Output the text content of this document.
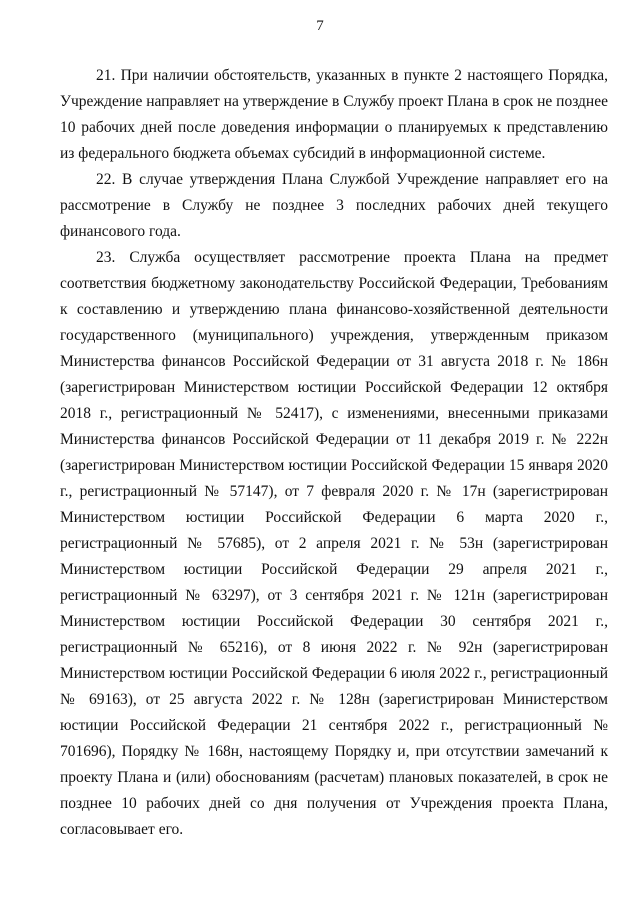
7

21. При наличии обстоятельств, указанных в пункте 2 настоящего Порядка, Учреждение направляет на утверждение в Службу проект Плана в срок не позднее 10 рабочих дней после доведения информации о планируемых к представлению из федерального бюджета объемах субсидий в информационной системе.

22. В случае утверждения Плана Службой Учреждение направляет его на рассмотрение в Службу не позднее 3 последних рабочих дней текущего финансового года.

23. Служба осуществляет рассмотрение проекта Плана на предмет соответствия бюджетному законодательству Российской Федерации, Требованиям к составлению и утверждению плана финансово-хозяйственной деятельности государственного (муниципального) учреждения, утвержденным приказом Министерства финансов Российской Федерации от 31 августа 2018 г. № 186н (зарегистрирован Министерством юстиции Российской Федерации 12 октября 2018 г., регистрационный № 52417), с изменениями, внесенными приказами Министерства финансов Российской Федерации от 11 декабря 2019 г. № 222н (зарегистрирован Министерством юстиции Российской Федерации 15 января 2020 г., регистрационный № 57147), от 7 февраля 2020 г. № 17н (зарегистрирован Министерством юстиции Российской Федерации 6 марта 2020 г., регистрационный № 57685), от 2 апреля 2021 г. № 53н (зарегистрирован Министерством юстиции Российской Федерации 29 апреля 2021 г., регистрационный № 63297), от 3 сентября 2021 г. № 121н (зарегистрирован Министерством юстиции Российской Федерации 30 сентября 2021 г., регистрационный № 65216), от 8 июня 2022 г. № 92н (зарегистрирован Министерством юстиции Российской Федерации 6 июля 2022 г., регистрационный № 69163), от 25 августа 2022 г. № 128н (зарегистрирован Министерством юстиции Российской Федерации 21 сентября 2022 г., регистрационный № 701696), Порядку № 168н, настоящему Порядку и, при отсутствии замечаний к проекту Плана и (или) обоснованиям (расчетам) плановых показателей, в срок не позднее 10 рабочих дней со дня получения от Учреждения проекта Плана, согласовывает его.
